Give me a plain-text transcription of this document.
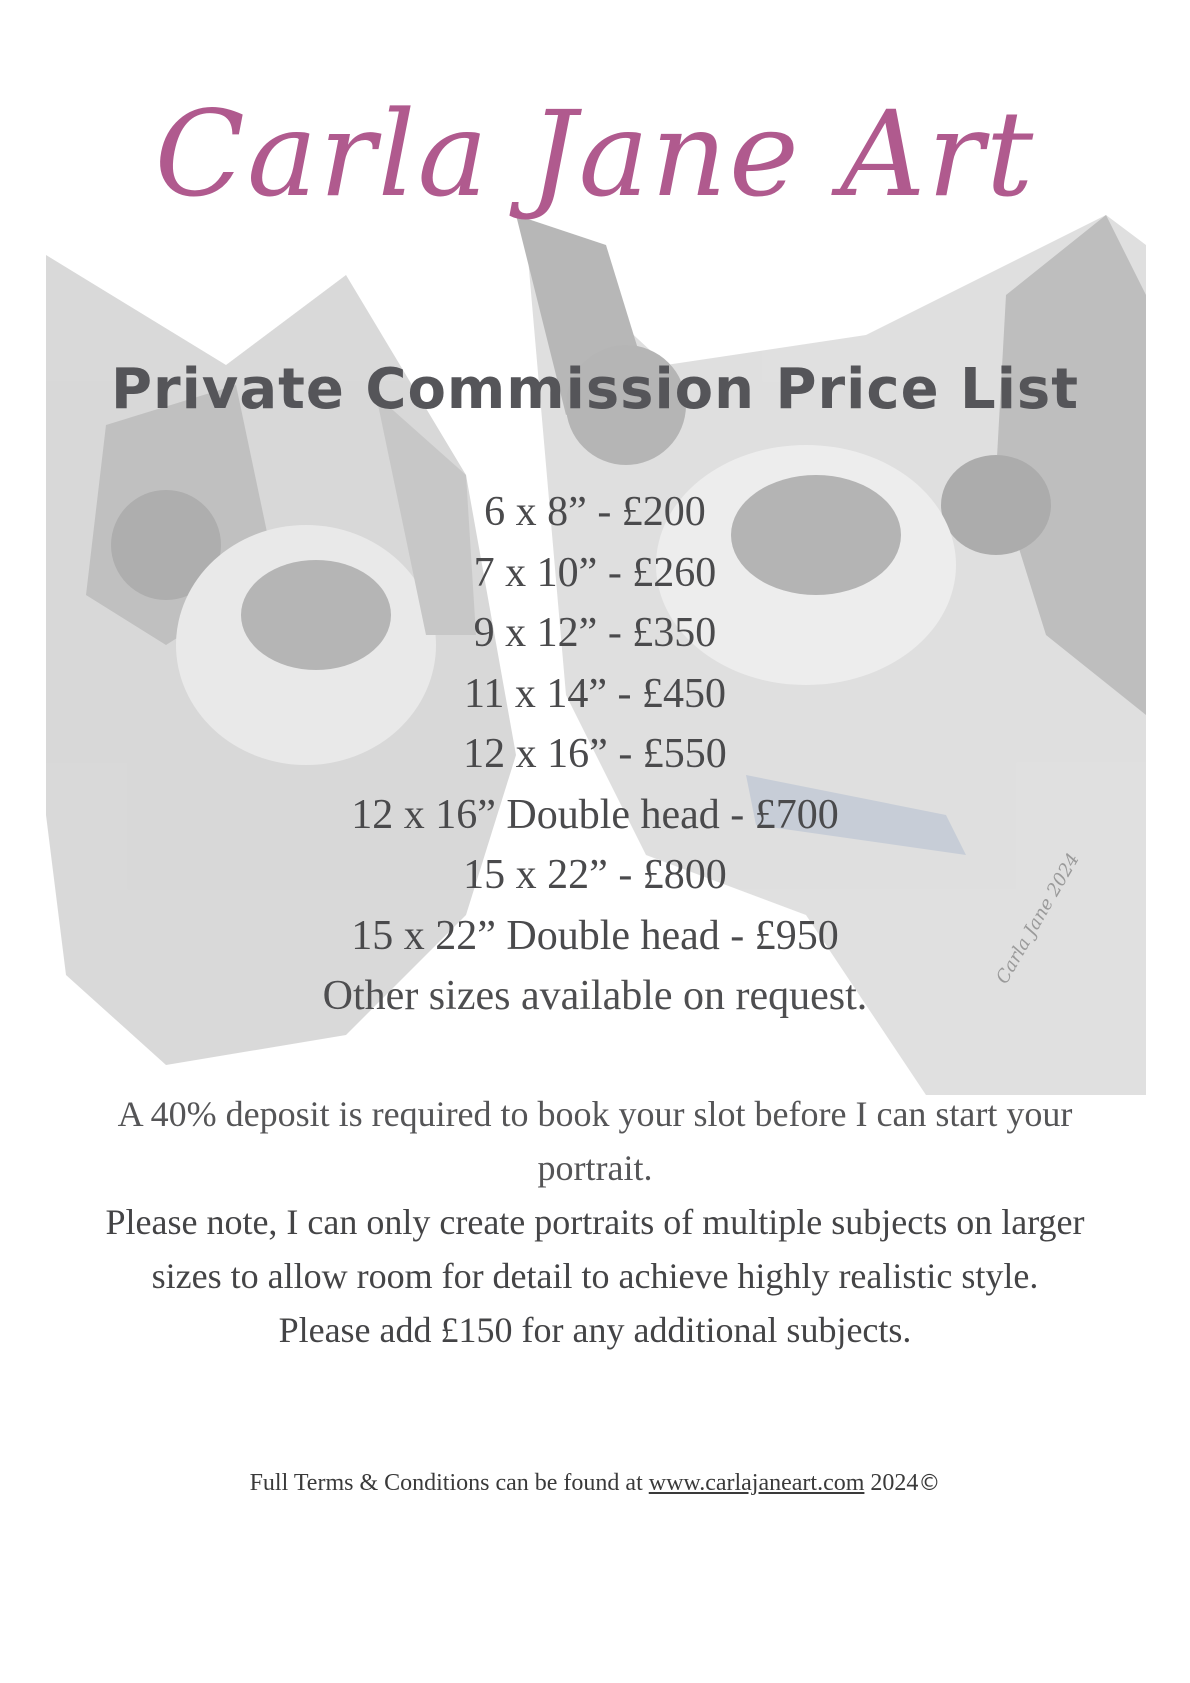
Carla Jane 2024
Carla Jane Art
Private Commission Price List
6 x 8” - £200
7 x 10” - £260
9 x 12” - £350
11 x 14” - £450
12 x 16” - £550
12 x 16” Double head - £700
15 x 22” - £800
15 x 22” Double head - £950
Other sizes available on request.

A 40% deposit is required to book your slot before I can start your portrait.

Please note, I can only create portraits of multiple subjects on larger sizes to allow room for detail to achieve highly realistic style.

Please add £150 for any additional subjects.

Full Terms & Conditions can be found at www.carlajaneart.com 2024©
